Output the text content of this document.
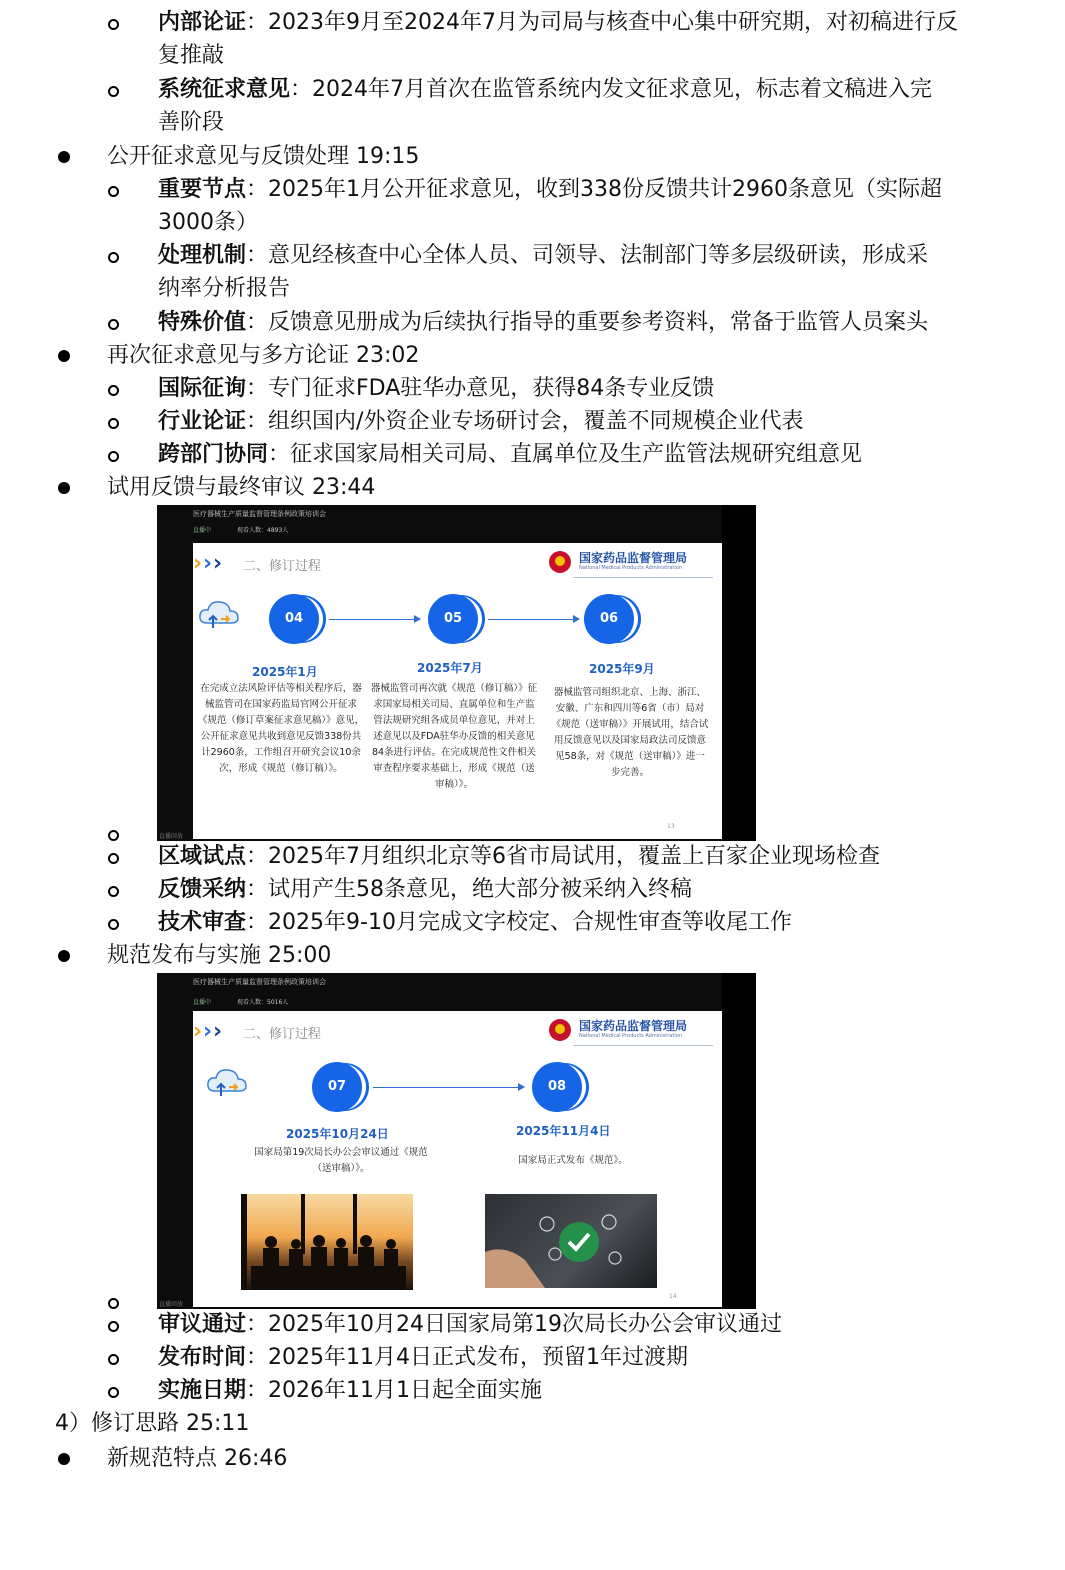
内部论证：2023年9月至2024年7月为司局与核查中心集中研究期，对初稿进行反
复推敲
系统征求意见：2024年7月首次在监管系统内发文征求意见，标志着文稿进入完
善阶段
公开征求意见与反馈处理 19:15
重要节点：2025年1月公开征求意见，收到338份反馈共计2960条意见（实际超
3000条）
处理机制：意见经核查中心全体人员、司领导、法制部门等多层级研读，形成采
纳率分析报告
特殊价值：反馈意见册成为后续执行指导的重要参考资料，常备于监管人员案头
再次征求意见与多方论证 23:02
国际征询：专门征求FDA驻华办意见，获得84条专业反馈
行业论证：组织国内/外资企业专场研讨会，覆盖不同规模企业代表
跨部门协同：征求国家局相关司局、直属单位及生产监管法规研究组意见
试用反馈与最终审议 23:44
医疗器械生产质量监督管理条例政策培训会
直播中	观看人数：4893人
› › › 二、修订过程
国家药品监督管理局
National Medical Products Administration
04	05	06
2025年1月	2025年7月	2025年9月
在完成立法风险评估等相关程序后，器械监管司在国家药监局官网公开征求《规范（修订草案征求意见稿）》意见，公开征求意见共收到意见反馈338份共计2960条，工作组召开研究会议10余次，形成《规范（修订稿）》。
器械监管司再次就《规范（修订稿）》征求国家局相关司局、直属单位和生产监管法规研究组各成员单位意见，并对上述意见以及FDA驻华办反馈的相关意见84条进行评估。在完成规范性文件相关审查程序要求基础上，形成《规范（送审稿）》。
器械监管司组织北京、上海、浙江、安徽、广东和四川等6省（市）局对《规范（送审稿）》开展试用，结合试用反馈意见以及国家局政法司反馈意见58条，对《规范（送审稿）》进一步完善。
13
直播回放
区域试点：2025年7月组织北京等6省市局试用，覆盖上百家企业现场检查
反馈采纳：试用产生58条意见，绝大部分被采纳入终稿
技术审查：2025年9-10月完成文字校定、合规性审查等收尾工作
规范发布与实施 25:00
医疗器械生产质量监督管理条例政策培训会
直播中	观看人数：5016人
› › › 二、修订过程
国家药品监督管理局
National Medical Products Administration
07	08
2025年10月24日	2025年11月4日
国家局第19次局长办公会审议通过《规范（送审稿）》。
国家局正式发布《规范》。
14
直播回放
审议通过：2025年10月24日国家局第19次局长办公会审议通过
发布时间：2025年11月4日正式发布，预留1年过渡期
实施日期：2026年11月1日起全面实施
4）修订思路 25:11
新规范特点 26:46
